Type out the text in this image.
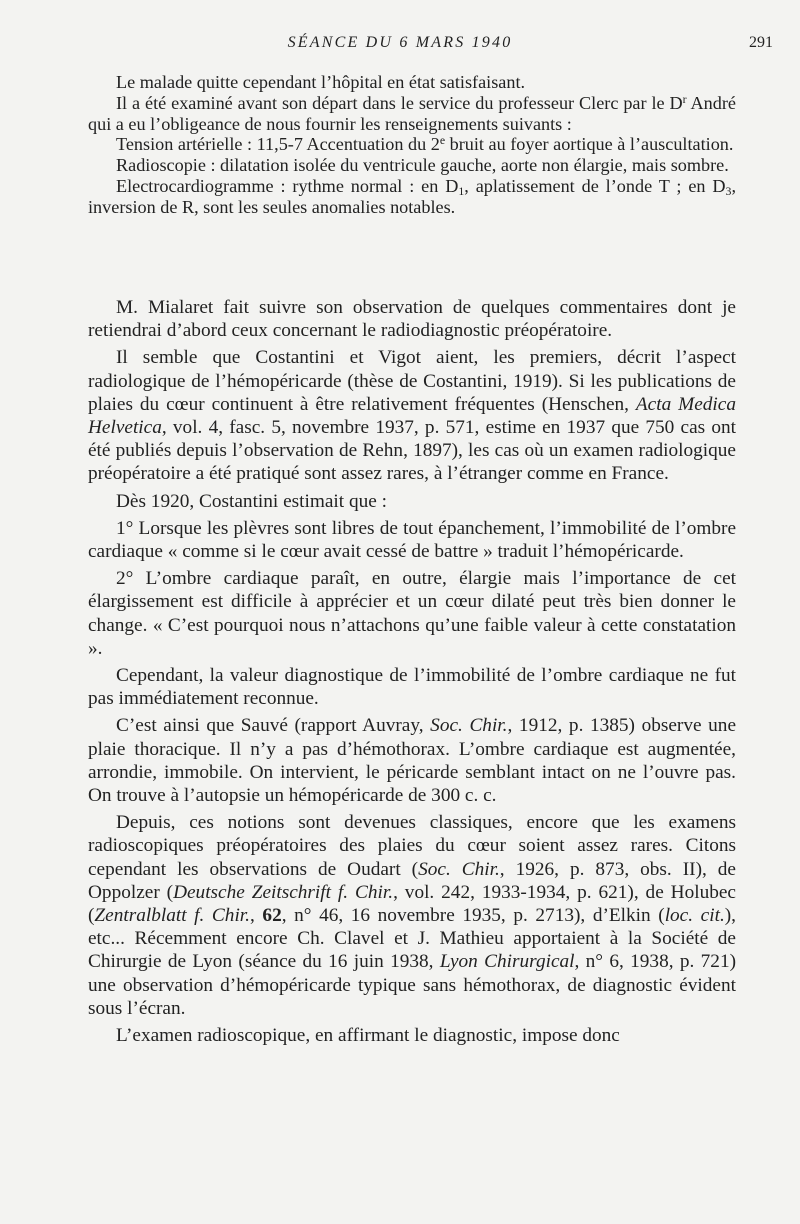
SÉANCE DU 6 MARS 1940	291

Le malade quitte cependant l’hôpital en état satisfaisant.

Il a été examiné avant son départ dans le service du professeur Clerc par le $D^r$ André qui a eu l’obligeance de nous fournir les renseignements suivants :

Tension artérielle : 11,5-7 Accentuation du 2e bruit au foyer aortique à l’auscultation.

Radioscopie : dilatation isolée du ventricule gauche, aorte non élargie, mais sombre.

Electrocardiogramme : rythme normal : en $D_1$, aplatissement de l’onde T ; en $D_3$, inversion de R, sont les seules anomalies notables.

M. Mialaret fait suivre son observation de quelques commentaires dont je retiendrai d’abord ceux concernant le radiodiagnostic préopératoire.

Il semble que Costantini et Vigot aient, les premiers, décrit l’aspect radiologique de l’hémopéricarde (thèse de Costantini, 1919). Si les publications de plaies du cœur continuent à être relativement fréquentes (Henschen, Acta Medica Helvetica, vol. 4, fasc. 5, novembre 1937, p. 571, estime en 1937 que 750 cas ont été publiés depuis l’observation de Rehn, 1897), les cas où un examen radiologique préopératoire a été pratiqué sont assez rares, à l’étranger comme en France.

Dès 1920, Costantini estimait que :

1° Lorsque les plèvres sont libres de tout épanchement, l’immobilité de l’ombre cardiaque « comme si le cœur avait cessé de battre » traduit l’hémopéricarde.

2° L’ombre cardiaque paraît, en outre, élargie mais l’importance de cet élargissement est difficile à apprécier et un cœur dilaté peut très bien donner le change. « C’est pourquoi nous n’attachons qu’une faible valeur à cette constatation ».

Cependant, la valeur diagnostique de l’immobilité de l’ombre cardiaque ne fut pas immédiatement reconnue.

C’est ainsi que Sauvé (rapport Auvray, Soc. Chir., 1912, p. 1385) observe une plaie thoracique. Il n’y a pas d’hémothorax. L’ombre cardiaque est augmentée, arrondie, immobile. On intervient, le péricarde semblant intact on ne l’ouvre pas. On trouve à l’autopsie un hémopéricarde de 300 c. c.

Depuis, ces notions sont devenues classiques, encore que les examens radioscopiques préopératoires des plaies du cœur soient assez rares. Citons cependant les observations de Oudart (Soc. Chir., 1926, p. 873, obs. II), de Oppolzer (Deutsche Zeitschrift f. Chir., vol. 242, 1933-1934, p. 621), de Holubec (Zentralblatt f. Chir., 62, n° 46, 16 novembre 1935, p. 2713), d’Elkin (loc. cit.), etc... Récemment encore Ch. Clavel et J. Mathieu apportaient à la Société de Chirurgie de Lyon (séance du 16 juin 1938, Lyon Chirurgical, n° 6, 1938, p. 721) une observation d’hémopéricarde typique sans hémothorax, de diagnostic évident sous l’écran.

L’examen radioscopique, en affirmant le diagnostic, impose donc
